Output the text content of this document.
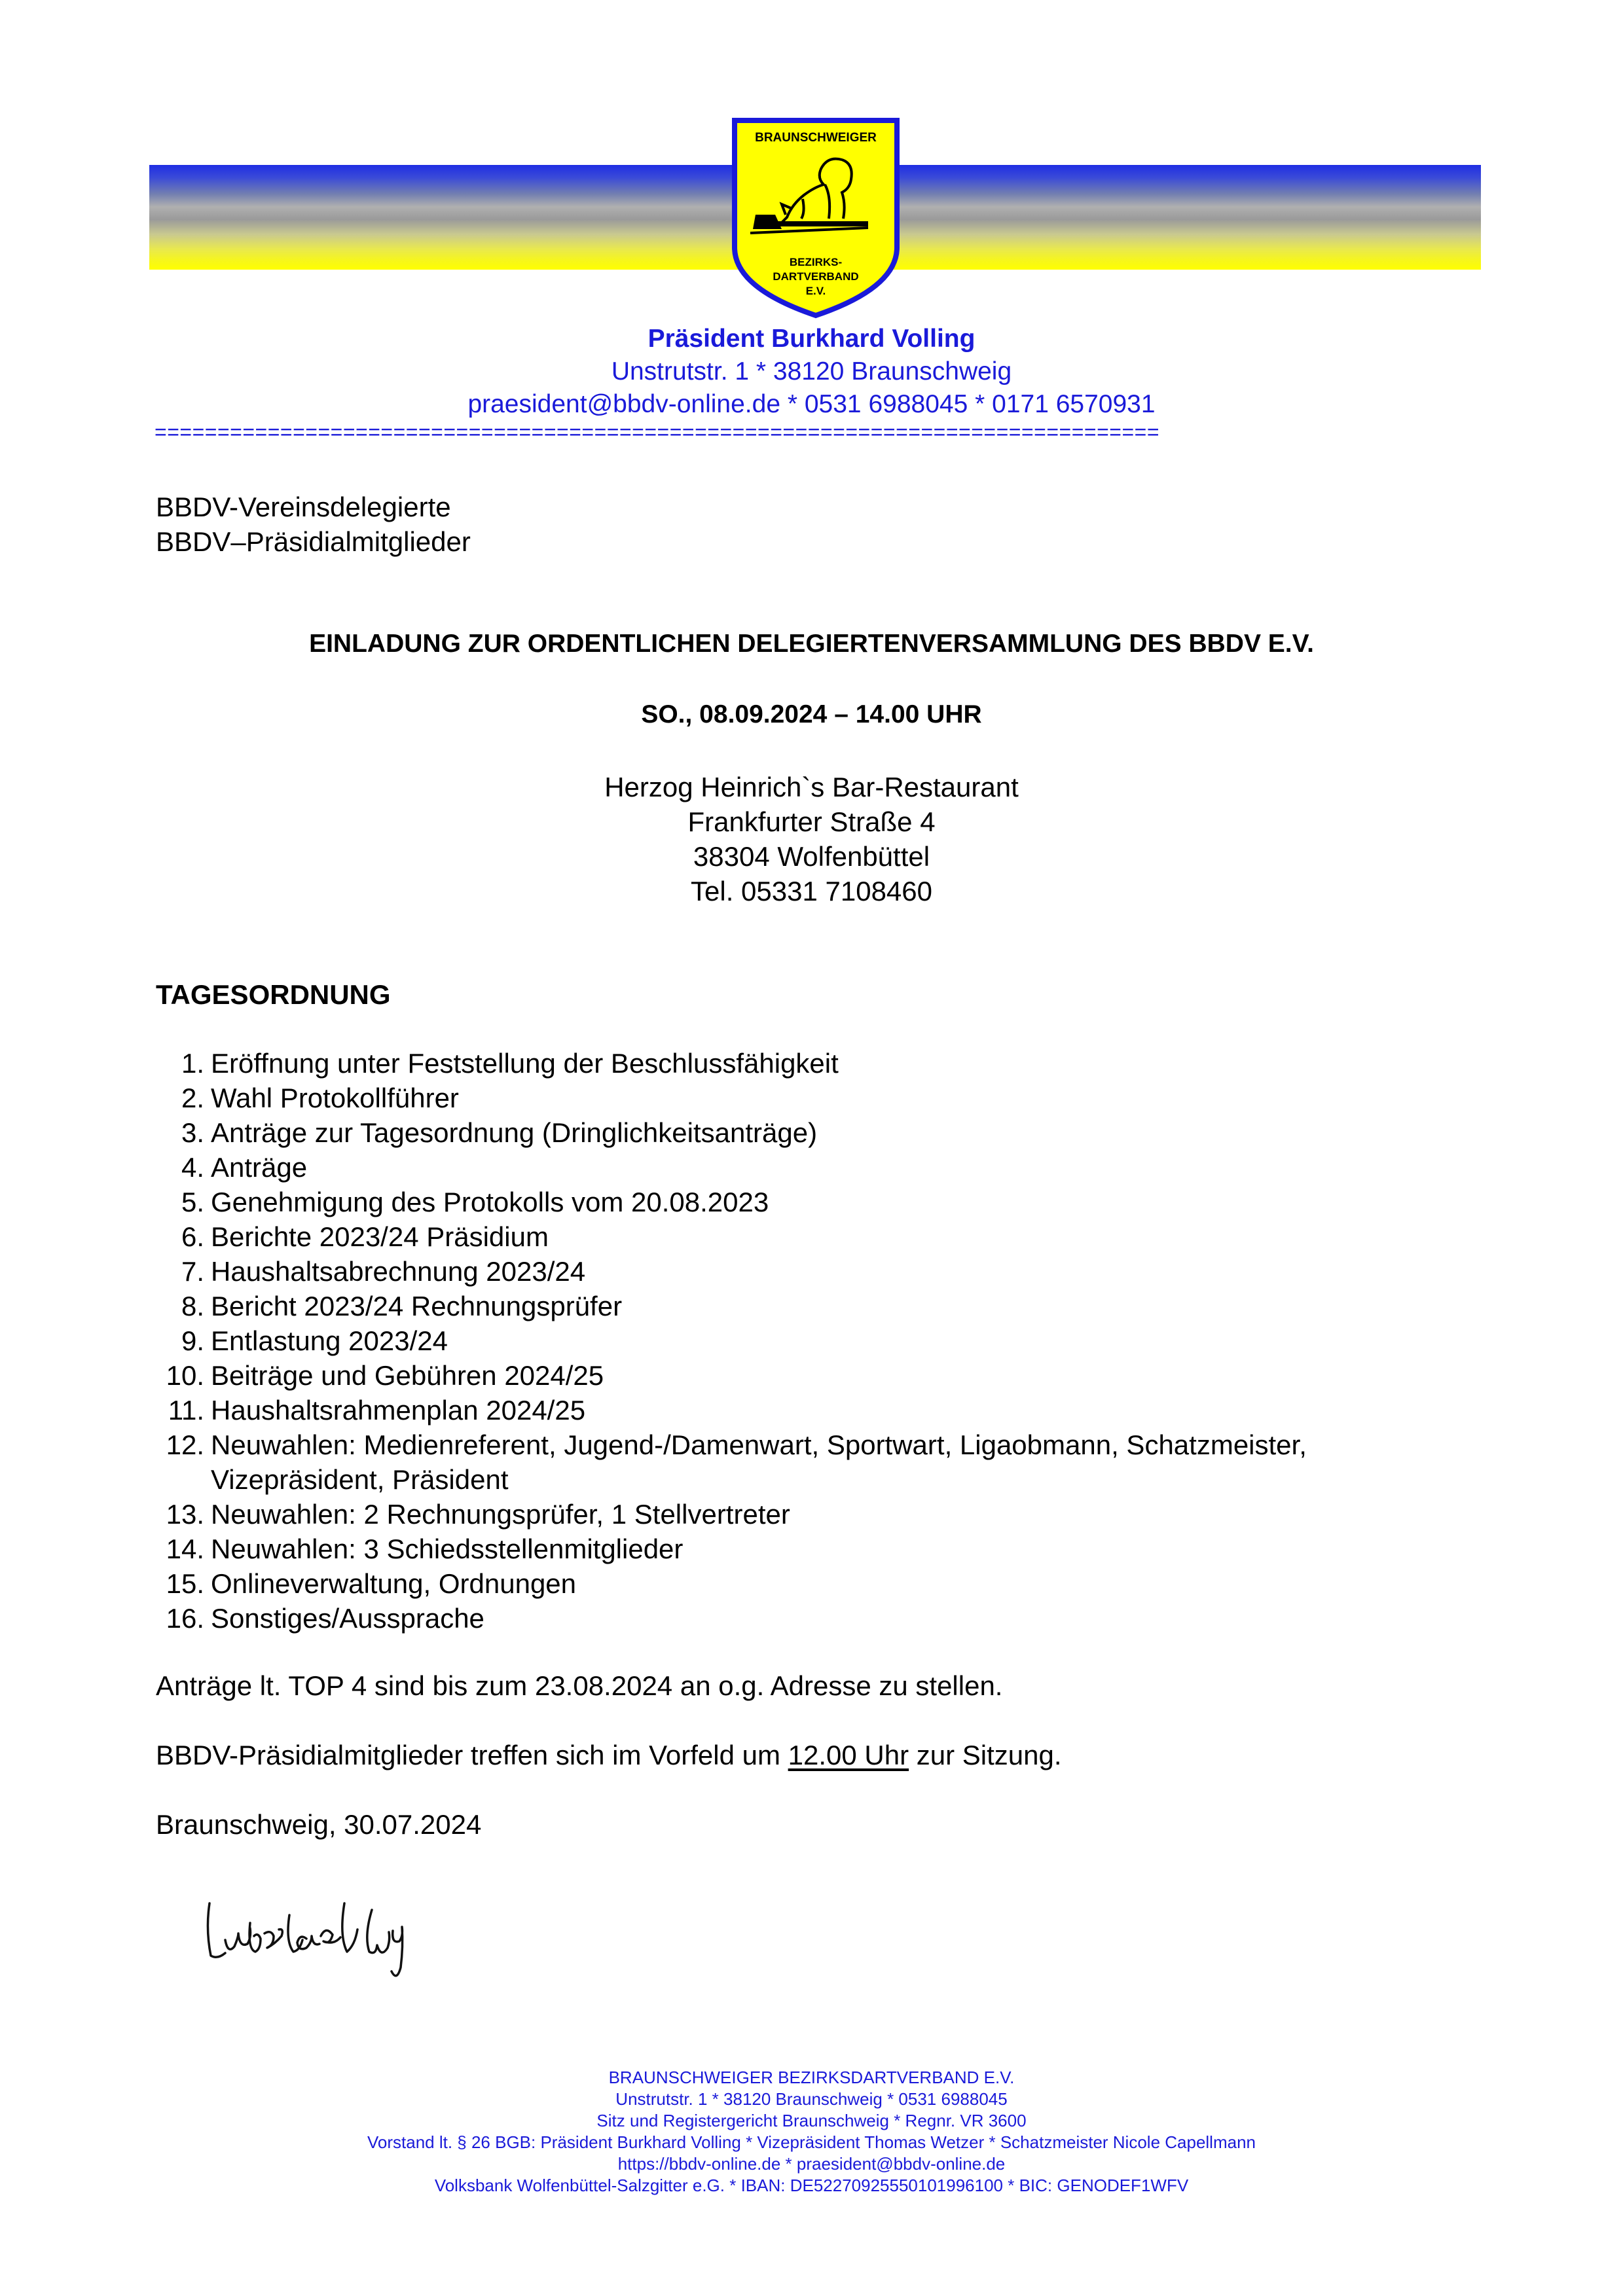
BRAUNSCHWEIGER
BEZIRKS-
DARTVERBAND
E.V.
Präsident Burkhard Volling
Unstrutstr. 1 * 38120 Braunschweig
praesident@bbdv-online.de * 0531 6988045 * 0171 6570931
================================================================================
BBDV-Vereinsdelegierte
BBDV–Präsidialmitglieder
EINLADUNG ZUR ORDENTLICHEN DELEGIERTENVERSAMMLUNG DES BBDV E.V.
SO., 08.09.2024 – 14.00 UHR
Herzog Heinrich`s Bar-Restaurant
Frankfurter Straße 4
38304 Wolfenbüttel
Tel. 05331 7108460
TAGESORDNUNG
1. Eröffnung unter Feststellung der Beschlussfähigkeit
2. Wahl Protokollführer
3. Anträge zur Tagesordnung (Dringlichkeitsanträge)
4. Anträge
5. Genehmigung des Protokolls vom 20.08.2023
6. Berichte 2023/24 Präsidium
7. Haushaltsabrechnung 2023/24
8. Bericht 2023/24 Rechnungsprüfer
9. Entlastung 2023/24
10. Beiträge und Gebühren 2024/25
11. Haushaltsrahmenplan 2024/25
12. Neuwahlen: Medienreferent, Jugend-/Damenwart, Sportwart, Ligaobmann, Schatzmeister,
Vizepräsident, Präsident
13. Neuwahlen: 2 Rechnungsprüfer, 1 Stellvertreter
14. Neuwahlen: 3 Schiedsstellenmitglieder
15. Onlineverwaltung, Ordnungen
16. Sonstiges/Aussprache
Anträge lt. TOP 4 sind bis zum 23.08.2024 an o.g. Adresse zu stellen.
BBDV-Präsidialmitglieder treffen sich im Vorfeld um 12.00 Uhr zur Sitzung.
Braunschweig, 30.07.2024
BRAUNSCHWEIGER BEZIRKSDARTVERBAND E.V.
Unstrutstr. 1 * 38120 Braunschweig * 0531 6988045
Sitz und Registergericht Braunschweig * Regnr. VR 3600
Vorstand lt. § 26 BGB: Präsident Burkhard Volling * Vizepräsident Thomas Wetzer * Schatzmeister Nicole Capellmann
https://bbdv-online.de * praesident@bbdv-online.de
Volksbank Wolfenbüttel-Salzgitter e.G. * IBAN: DE52270925550101996100 * BIC: GENODEF1WFV
